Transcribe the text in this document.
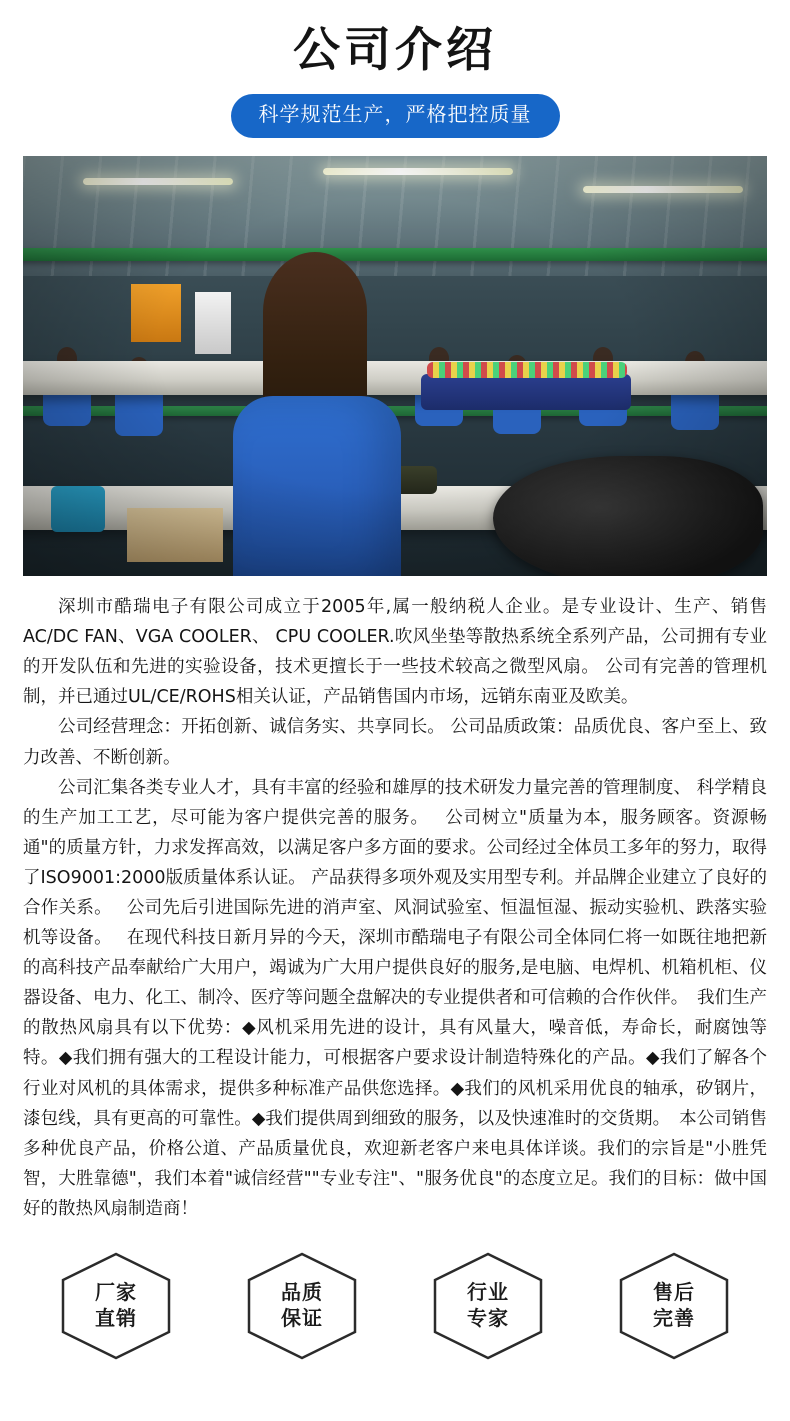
公司介绍
科学规范生产，严格把控质量

深圳市酷瑞电子有限公司成立于2005年,属一般纳税人企业。是专业设计、生产、销售AC/DC FAN、VGA COOLER、 CPU COOLER.吹风坐垫等散热系统全系列产品，公司拥有专业的开发队伍和先进的实验设备，技术更擅长于一些技术较高之微型风扇。 公司有完善的管理机制，并已通过UL/CE/ROHS相关认证，产品销售国内市场，远销东南亚及欧美。

公司经营理念：开拓创新、诚信务实、共享同长。 公司品质政策：品质优良、客户至上、致力改善、不断创新。

公司汇集各类专业人才，具有丰富的经验和雄厚的技术研发力量完善的管理制度、 科学精良的生产加工工艺，尽可能为客户提供完善的服务。　 公司树立"质量为本，服务顾客。资源畅通"的质量方针，力求发挥高效，以满足客户多方面的要求。公司经过全体员工多年的努力，取得了ISO9001:2000版质量体系认证。 产品获得多项外观及实用型专利。并品牌企业建立了良好的合作关系。　 公司先后引进国际先进的消声室、风洞试验室、恒温恒湿、振动实验机、跌落实验机等设备。　 在现代科技日新月异的今天，深圳市酷瑞电子有限公司全体同仁将一如既往地把新的高科技产品奉献给广大用户，竭诚为广大用户提供良好的服务,是电脑、电焊机、机箱机柜、仪器设备、电力、化工、制冷、医疗等问题全盘解决的专业提供者和可信赖的合作伙伴。　我们生产的散热风扇具有以下优势：◆风机采用先进的设计，具有风量大，噪音低，寿命长，耐腐蚀等特。◆我们拥有强大的工程设计能力，可根据客户要求设计制造特殊化的产品。◆我们了解各个行业对风机的具体需求，提供多种标准产品供您选择。◆我们的风机采用优良的轴承，矽钢片，漆包线，具有更高的可靠性。◆我们提供周到细致的服务，以及快速准时的交货期。　本公司销售多种优良产品，价格公道、产品质量优良，欢迎新老客户来电具体详谈。我们的宗旨是"小胜凭智，大胜靠德"，我们本着"诚信经营""专业专注"、"服务优良"的态度立足。我们的目标：做中国好的散热风扇制造商！

厂家
直销
品质
保证
行业
专家
售后
完善
